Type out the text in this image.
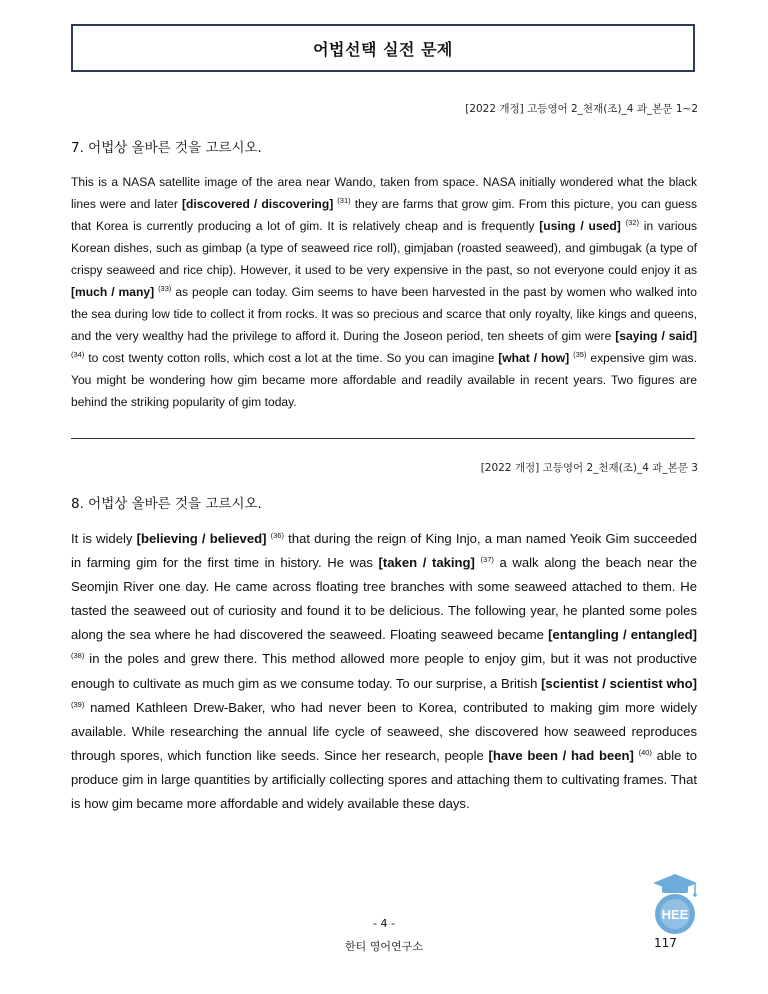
어법선택 실전 문제
[2022 개정] 고등영어 2_천재(조)_4 과_본문 1~2
7. 어법상 올바른 것을 고르시오.
This is a NASA satellite image of the area near Wando, taken from space. NASA initially wondered what the black lines were and later [discovered / discovering] $^{(31)}$ they are farms that grow gim. From this picture, you can guess that Korea is currently producing a lot of gim. It is relatively cheap and is frequently [using / used] $^{(32)}$ in various Korean dishes, such as gimbap (a type of seaweed rice roll), gimjaban (roasted seaweed), and gimbugak (a type of crispy seaweed and rice chip). However, it used to be very expensive in the past, so not everyone could enjoy it as [much / many] $^{(33)}$ as people can today. Gim seems to have been harvested in the past by women who walked into the sea during low tide to collect it from rocks. It was so precious and scarce that only royalty, like kings and queens, and the very wealthy had the privilege to afford it. During the Joseon period, ten sheets of gim were [saying / said] $^{(34)}$ to cost twenty cotton rolls, which cost a lot at the time. So you can imagine [what / how] $^{(35)}$ expensive gim was. You might be wondering how gim became more affordable and readily available in recent years. Two figures are behind the striking popularity of gim today.
[2022 개정] 고등영어 2_천재(조)_4 과_본문 3
8. 어법상 올바른 것을 고르시오.
It is widely [believing / believed] $^{(36)}$ that during the reign of King Injo, a man named Yeoik Gim succeeded in farming gim for the first time in history. He was [taken / taking] $^{(37)}$ a walk along the beach near the Seomjin River one day. He came across floating tree branches with some seaweed attached to them. He tasted the seaweed out of curiosity and found it to be delicious. The following year, he planted some poles along the sea where he had discovered the seaweed. Floating seaweed became [entangling / entangled] $^{(38)}$ in the poles and grew there. This method allowed more people to enjoy gim, but it was not productive enough to cultivate as much gim as we consume today. To our surprise, a British [scientist / scientist who] $^{(39)}$ named Kathleen Drew-Baker, who had never been to Korea, contributed to making gim more widely available. While researching the annual life cycle of seaweed, she discovered how seaweed reproduces through spores, which function like seeds. Since her research, people [have been / had been] $^{(40)}$ able to produce gim in large quantities by artificially collecting spores and attaching them to cultivating frames. That is how gim became more affordable and widely available these days.
HEE
- 4 -
한티 영어연구소	117
